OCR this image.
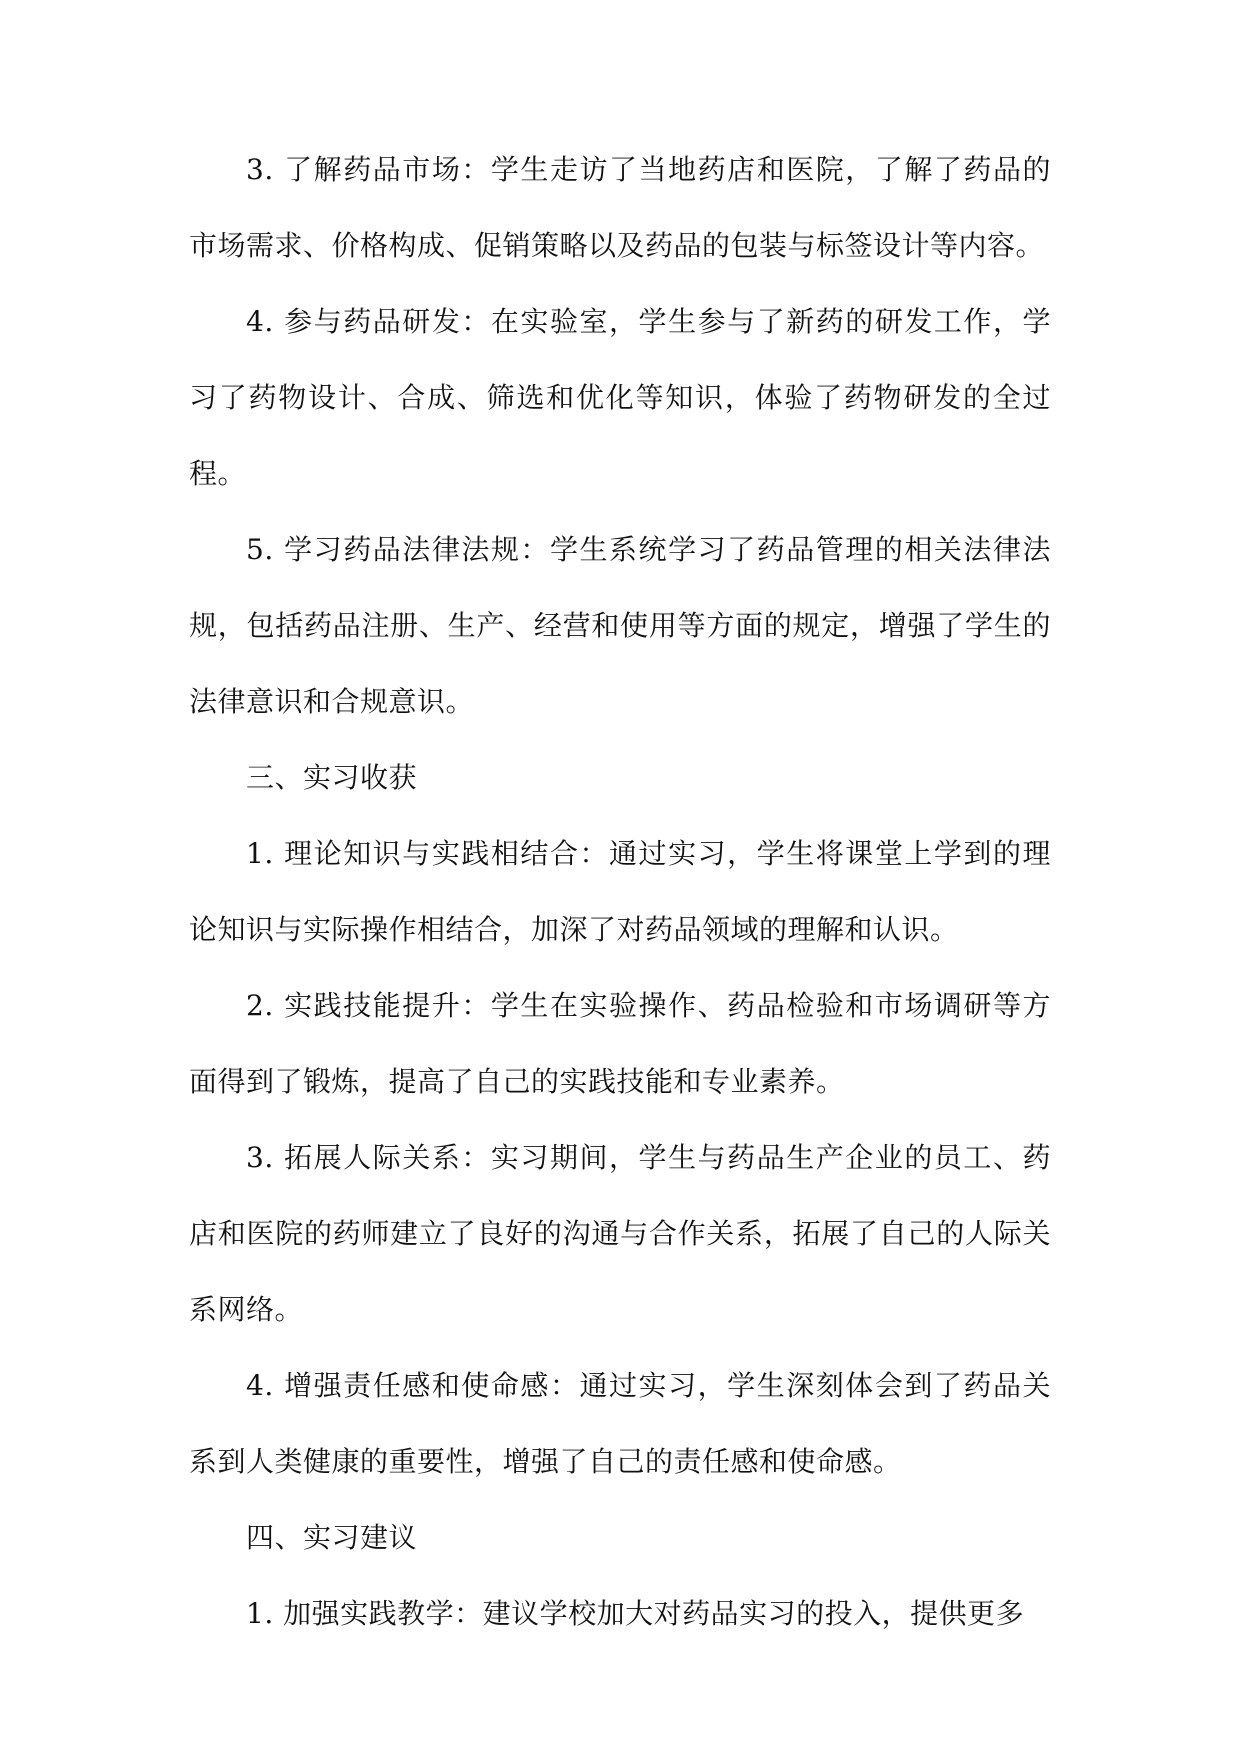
3. 了解药品市场：学生走访了当地药店和医院，了解了药品的市场需求、价格构成、促销策略以及药品的包装与标签设计等内容。

4. 参与药品研发：在实验室，学生参与了新药的研发工作，学习了药物设计、合成、筛选和优化等知识，体验了药物研发的全过程。

5. 学习药品法律法规：学生系统学习了药品管理的相关法律法规，包括药品注册、生产、经营和使用等方面的规定，增强了学生的法律意识和合规意识。

三、实习收获

1. 理论知识与实践相结合：通过实习，学生将课堂上学到的理论知识与实际操作相结合，加深了对药品领域的理解和认识。

2. 实践技能提升：学生在实验操作、药品检验和市场调研等方面得到了锻炼，提高了自己的实践技能和专业素养。

3. 拓展人际关系：实习期间，学生与药品生产企业的员工、药店和医院的药师建立了良好的沟通与合作关系，拓展了自己的人际关系网络。

4. 增强责任感和使命感：通过实习，学生深刻体会到了药品关系到人类健康的重要性，增强了自己的责任感和使命感。

四、实习建议

1. 加强实践教学：建议学校加大对药品实习的投入，提供更多
